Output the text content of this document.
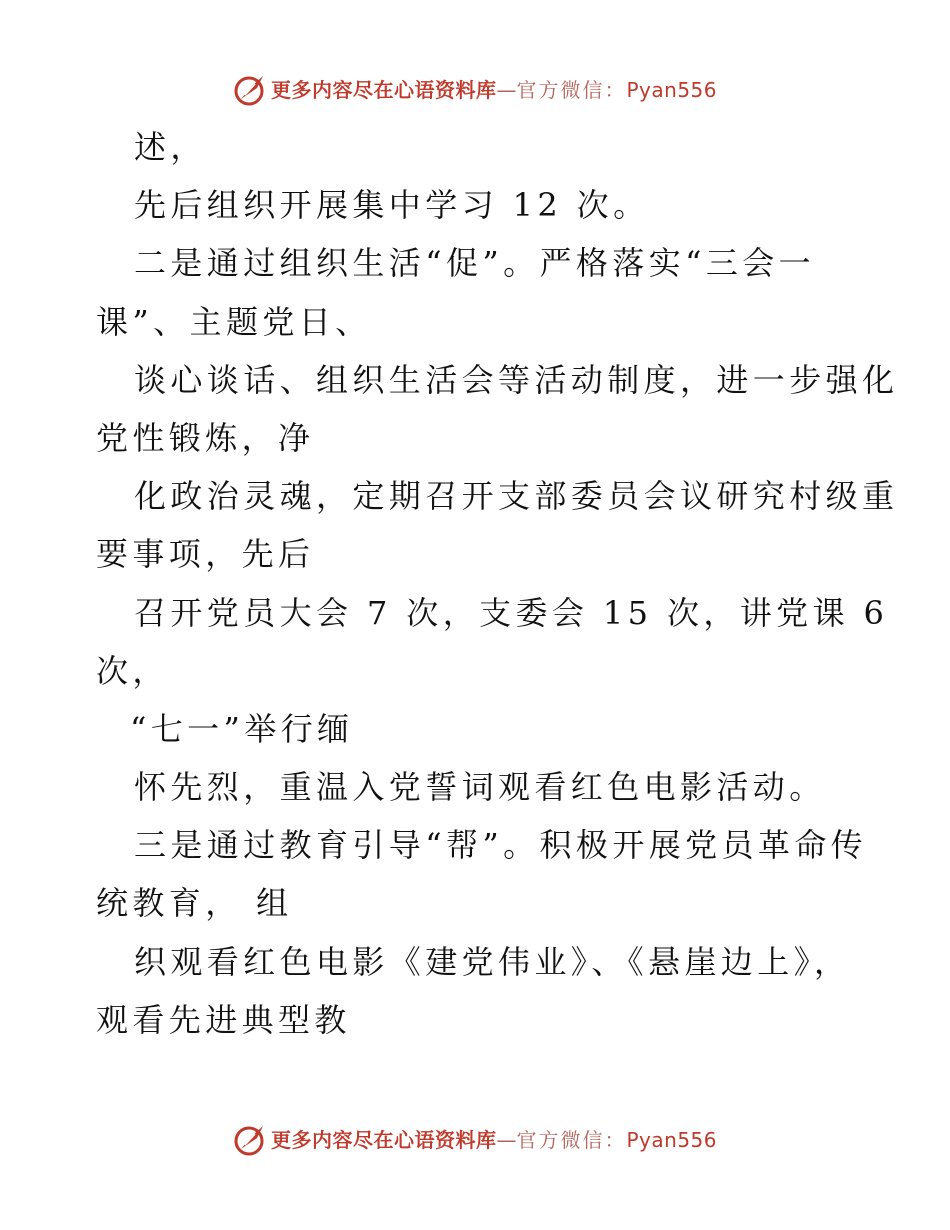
更多内容尽在心语资料库 — 官方微信： Pyan556
述，
先后组织开展集中学习 12 次。
二是通过组织生活“促”。严格落实“三会一
课”、主题党日、
谈心谈话、组织生活会等活动制度，进一步强化
党性锻炼，净
化政治灵魂，定期召开支部委员会议研究村级重
要事项，先后
召开党员大会 7 次，支委会 15 次，讲党课 6
次，
“七一”举行缅
怀先烈，重温入党誓词观看红色电影活动。
三是通过教育引导“帮”。积极开展党员革命传
统教育， 组
织观看红色电影《建党伟业》、《悬崖边上》，
观看先进典型教
更多内容尽在心语资料库 — 官方微信： Pyan556
